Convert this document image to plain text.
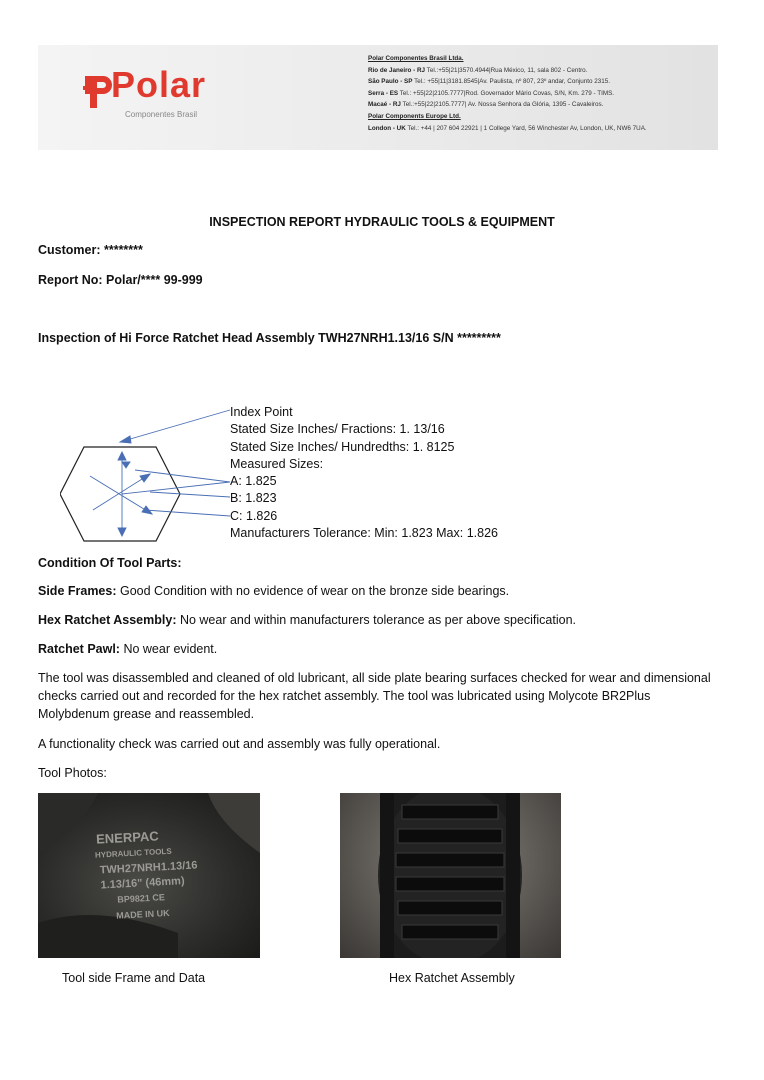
Polar
Componentes Brasil
Polar Componentes Brasil Ltda.
Rio de Janeiro - RJ Tel.:+55|21|3570.4944|Rua México, 11, sala 802 - Centro.
São Paulo - SP Tel.: +55|11|3181.8545|Av. Paulista, nº 807, 23º andar, Conjunto 2315.
Serra - ES Tel.: +55|22|2105.7777|Rod. Governador Mário Covas, S/N, Km. 279 - TIMS.
Macaé - RJ Tel.:+55|22|2105.7777| Av. Nossa Senhora da Glória, 1395 - Cavaleiros.
Polar Components Europe Ltd.
London - UK Tel.: +44 | 207 604 22921 | 1 College Yard, 56 Winchester Av, London, UK, NW6 7UA.
INSPECTION REPORT HYDRAULIC TOOLS & EQUIPMENT
Customer: ********
Report No: Polar/**** 99-999
Inspection of Hi Force Ratchet Head Assembly TWH27NRH1.13/16 S/N *********
Index Point
Stated Size Inches/ Fractions: 1. 13/16
Stated Size Inches/ Hundredths: 1. 8125
Measured Sizes:
A: 1.825
B: 1.823
C: 1.826
Manufacturers Tolerance: Min: 1.823 Max: 1.826
Condition Of Tool Parts:
Side Frames: Good Condition with no evidence of wear on the bronze side bearings.
Hex Ratchet Assembly: No wear and within manufacturers tolerance as per above specification.
Ratchet Pawl: No wear evident.
The tool was disassembled and cleaned of old lubricant, all side plate bearing surfaces checked for wear and dimensional checks carried out and recorded for the hex ratchet assembly. The tool was lubricated using Molycote BR2Plus Molybdenum grease and reassembled.
A functionality check was carried out and assembly was fully operational.
Tool Photos:
ENERPAC
HYDRAULIC TOOLS
TWH27NRH1.13/16
1.13/16" (46mm)
BP9821 CE
MADE IN UK
Tool side Frame and Data	Hex Ratchet Assembly
